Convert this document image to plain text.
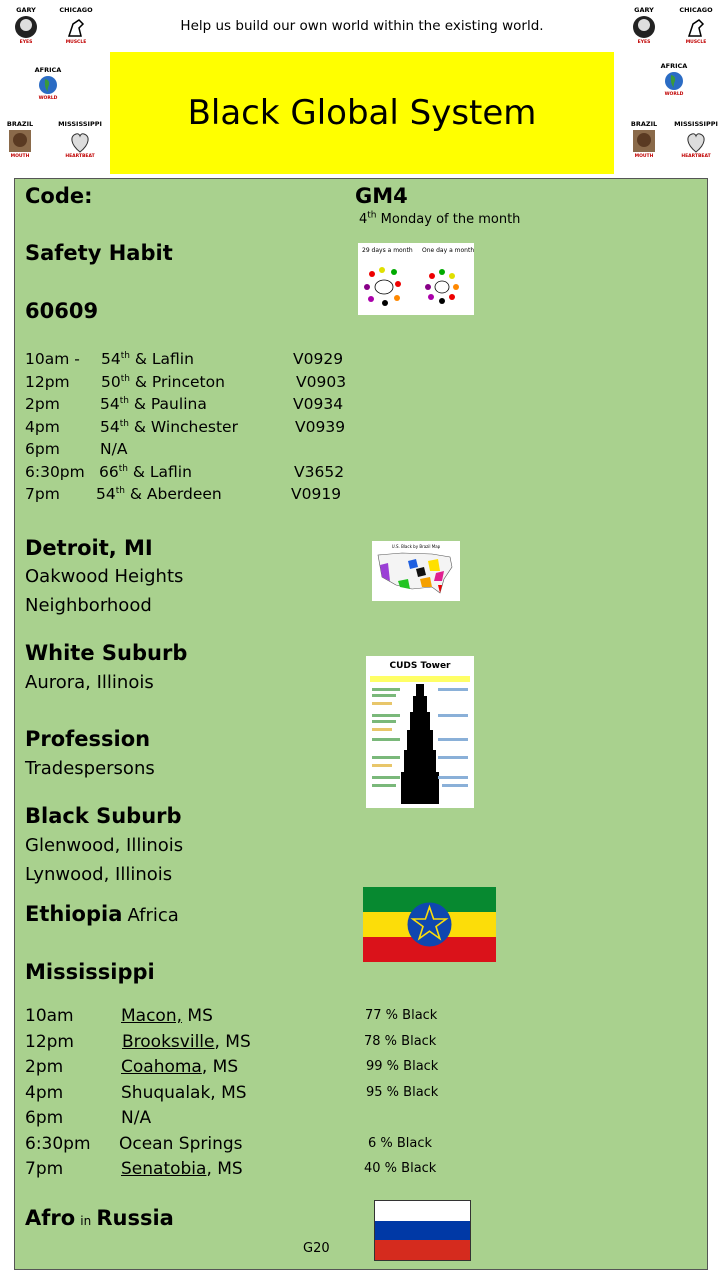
Help us build our own world within the existing world.
Black Global System
GARY
EYES
CHICAGO
MUSCLE
AFRICA
WORLD
BRAZIL
MOUTH
MISSISSIPPI
HEARTBEAT
GARY
EYES
CHICAGO
MUSCLE
AFRICA
WORLD
BRAZIL
MOUTH
MISSISSIPPI
HEARTBEAT
Code:	GM4
4th Monday of the month
Safety Habit
60609
29 days a month One day a month
10am - 54th & Laflin	V0929
12pm 50th & Princeton	V0903
2pm	54th & Paulina	V0934
4pm	54th & Winchester	V0939
6pm	N/A
6:30pm 66th & Laflin	V3652
7pm 54th & Aberdeen	V0919
Detroit, MI
Oakwood Heights
Neighborhood
U.S. Black by Brazil Map
White Suburb
Aurora, Illinois
CUDS Tower
Profession
Tradespersons
Black Suburb
Glenwood, Illinois
Lynwood, Illinois
Ethiopia Africa
Mississippi
10am	Macon, MS	77 % Black
12pm	Brooksville, MS	78 % Black
2pm	Coahoma, MS	99 % Black
4pm	Shuqualak, MS	95 % Black
6pm	N/A
6:30pm Ocean Springs	6 % Black
7pm	Senatobia, MS	40 % Black
Afro in Russia
G20
